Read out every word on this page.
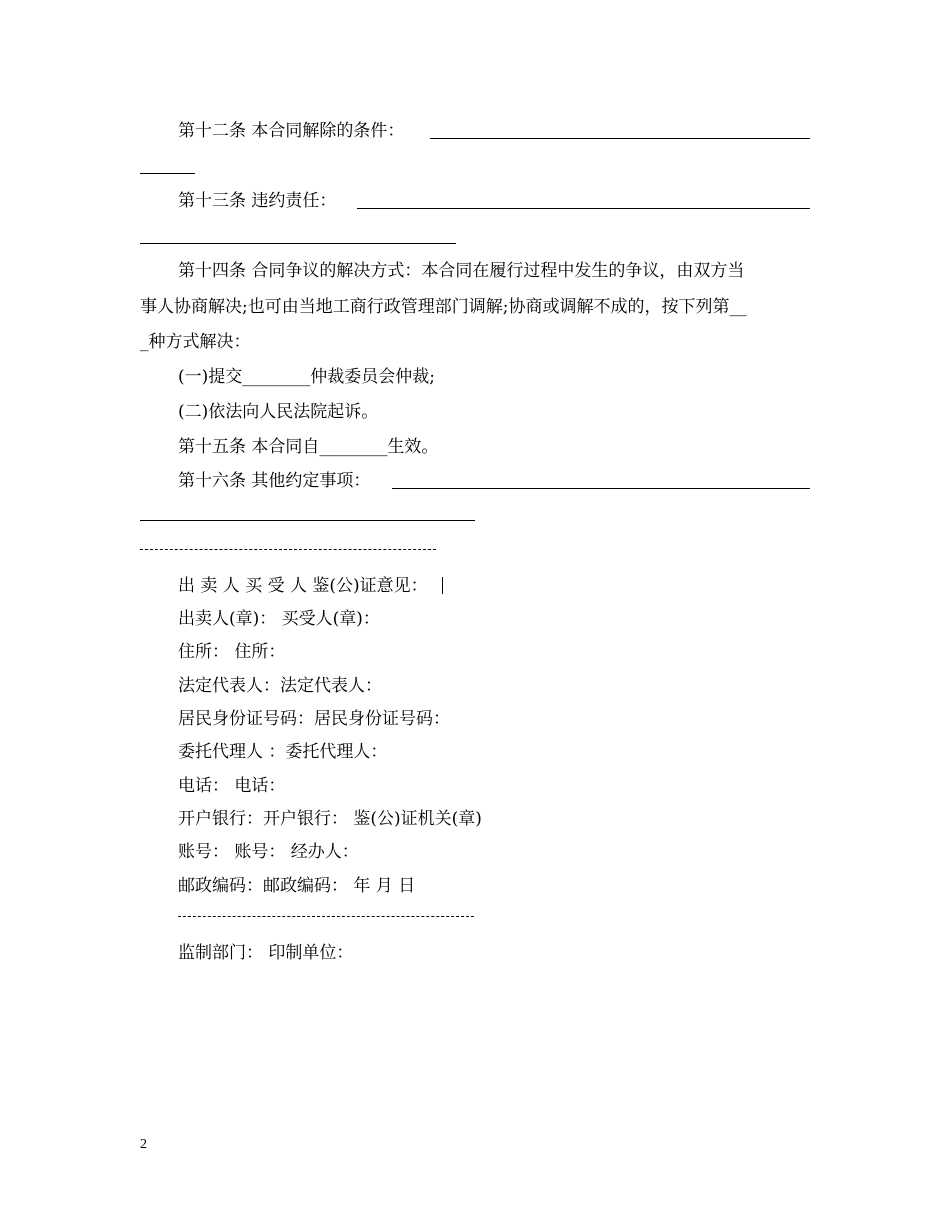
第十二条 本合同解除的条件：
第十三条 违约责任：
第十四条 合同争议的解决方式：本合同在履行过程中发生的争议，由双方当
事人协商解决;也可由当地工商行政管理部门调解;协商或调解不成的，按下列第__
_种方式解决：
(一)提交________仲裁委员会仲裁;
(二)依法向人民法院起诉。
第十五条 本合同自________生效。
第十六条 其他约定事项：
出 卖 人 买 受 人 鉴(公)证意见：
出卖人(章)： 买受人(章)：
住所： 住所：
法定代表人：法定代表人：
居民身份证号码：居民身份证号码：
委托代理人 ：委托代理人：
电话： 电话：
开户银行：开户银行： 鉴(公)证机关(章)
账号： 账号： 经办人：
邮政编码：邮政编码： 年 月 日
监制部门： 印制单位：
2
